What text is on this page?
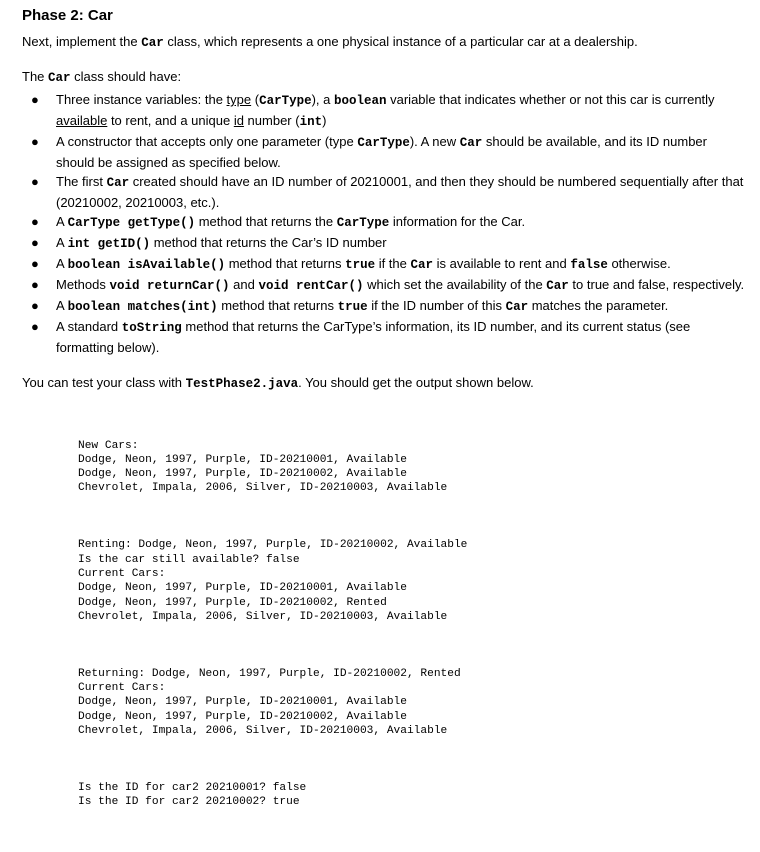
Phase 2: Car

Next, implement the Car class, which represents a one physical instance of a particular car at a dealership.

The Car class should have:

● Three instance variables: the type (CarType), a boolean variable that indicates whether or not this car is currently available to rent, and a unique id number (int)
● A constructor that accepts only one parameter (type CarType). A new Car should be available, and its ID number should be assigned as specified below.
● The first Car created should have an ID number of 20210001, and then they should be numbered sequentially after that (20210002, 20210003, etc.).
● A CarType getType() method that returns the CarType information for the Car.
● A int getID() method that returns the Car’s ID number
● A boolean isAvailable() method that returns true if the Car is available to rent and false otherwise.
● Methods void returnCar() and void rentCar() which set the availability of the Car to true and false, respectively.
● A boolean matches(int) method that returns true if the ID number of this Car matches the parameter.
● A standard toString method that returns the CarType’s information, its ID number, and its current status (see formatting below).

You can test your class with TestPhase2.java. You should get the output shown below.

New Cars:
Dodge, Neon, 1997, Purple, ID-20210001, Available
Dodge, Neon, 1997, Purple, ID-20210002, Available
Chevrolet, Impala, 2006, Silver, ID-20210003, Available

Renting: Dodge, Neon, 1997, Purple, ID-20210002, Available
Is the car still available? false
Current Cars:
Dodge, Neon, 1997, Purple, ID-20210001, Available
Dodge, Neon, 1997, Purple, ID-20210002, Rented
Chevrolet, Impala, 2006, Silver, ID-20210003, Available

Returning: Dodge, Neon, 1997, Purple, ID-20210002, Rented
Current Cars:
Dodge, Neon, 1997, Purple, ID-20210001, Available
Dodge, Neon, 1997, Purple, ID-20210002, Available
Chevrolet, Impala, 2006, Silver, ID-20210003, Available

Is the ID for car2 20210001? false
Is the ID for car2 20210002? true
